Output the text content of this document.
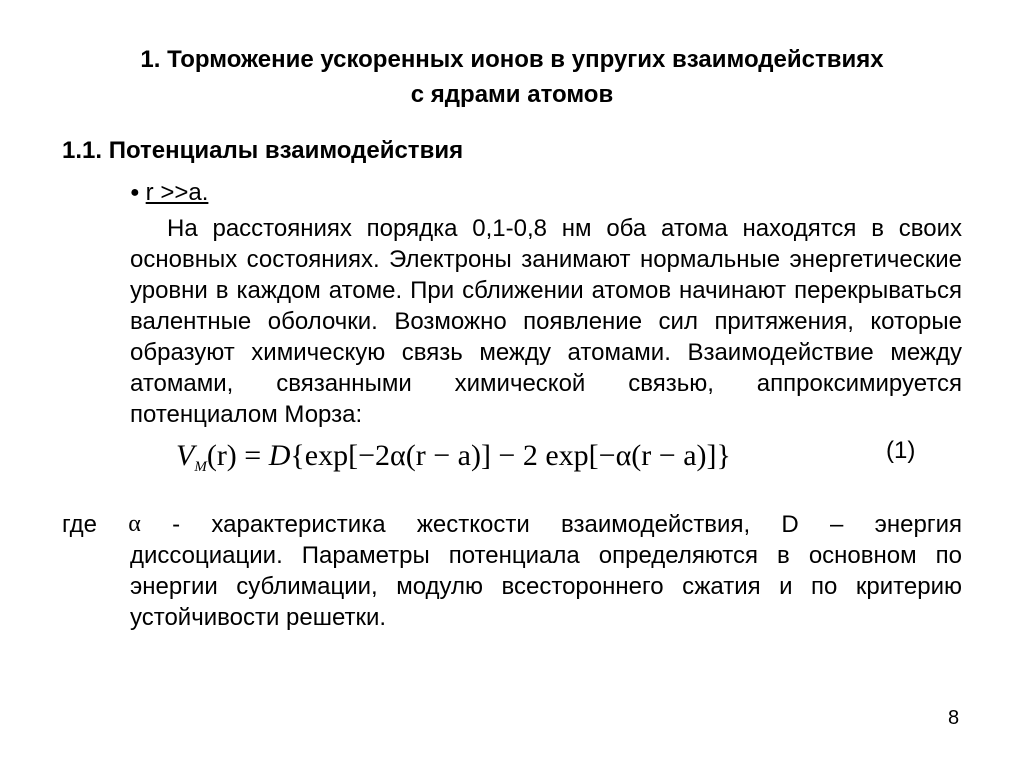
1. Торможение ускоренных ионов в упругих взаимодействиях
с ядрами атомов
1.1. Потенциалы взаимодействия
● r >>a.

На расстояниях порядка 0,1-0,8 нм оба атома находятся в своих основных состояниях. Электроны занимают нормальные энергетические уровни в каждом атоме. При сближении атомов начинают перекрываться валентные оболочки. Возможно появление сил притяжения, которые образуют химическую связь между атомами. Взаимодействие между атомами, связанными химической связью, аппроксимируется потенциалом Морза:

$V_M(r) = D\{\exp[-2\alpha(r - a)] - 2$ exp[−α(r − a)]}	(1)
где α - характеристика жесткости взаимодействия, D – энергия

диссоциации. Параметры потенциала определяются в основном по энергии сублимации, модулю всестороннего сжатия и по критерию устойчивости решетки.

8
